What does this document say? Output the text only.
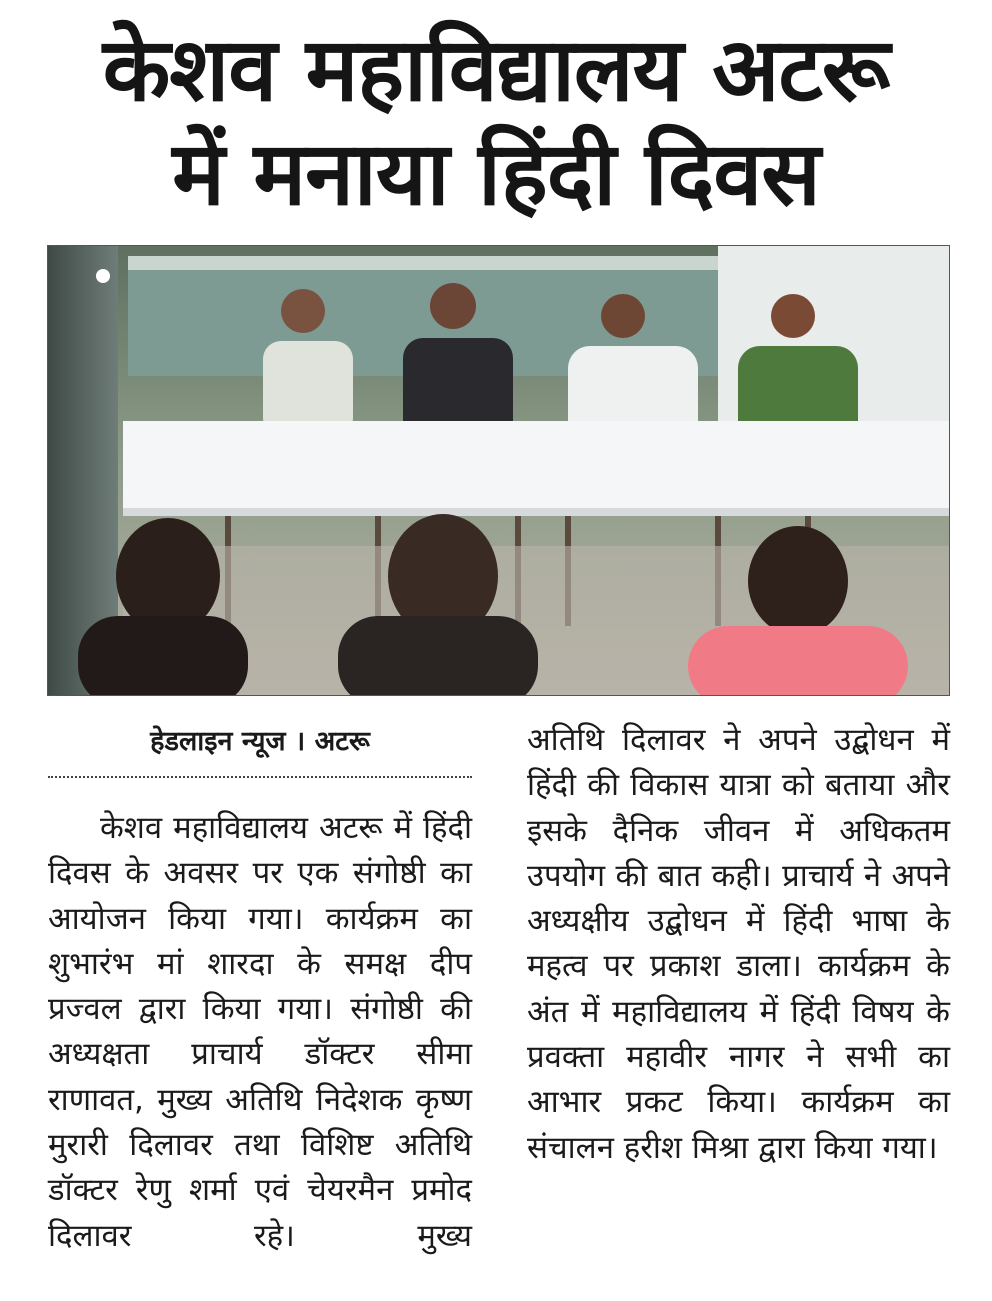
केशव महाविद्यालय अटरू
में मनाया हिंदी दिवस
हेडलाइन न्यूज । अटरू
केशव महाविद्यालय अटरू में हिंदी दिवस के अवसर पर एक संगोष्ठी का आयोजन किया गया। कार्यक्रम का शुभारंभ मां शारदा के समक्ष दीप प्रज्वल द्वारा किया गया। संगोष्ठी की अध्यक्षता प्राचार्य डॉक्टर सीमा राणावत, मुख्य अतिथि निदेशक कृष्ण मुरारी दिलावर तथा विशिष्ट अतिथि डॉक्टर रेणु शर्मा एवं चेयरमैन प्रमोद दिलावर रहे। मुख्य
अतिथि दिलावर ने अपने उद्बोधन में हिंदी की विकास यात्रा को बताया और इसके दैनिक जीवन में अधिकतम उपयोग की बात कही। प्राचार्य ने अपने अध्यक्षीय उद्बोधन में हिंदी भाषा के महत्व पर प्रकाश डाला। कार्यक्रम के अंत में महाविद्यालय में हिंदी विषय के प्रवक्ता महावीर नागर ने सभी का आभार प्रकट किया। कार्यक्रम का संचालन हरीश मिश्रा द्वारा किया गया।
